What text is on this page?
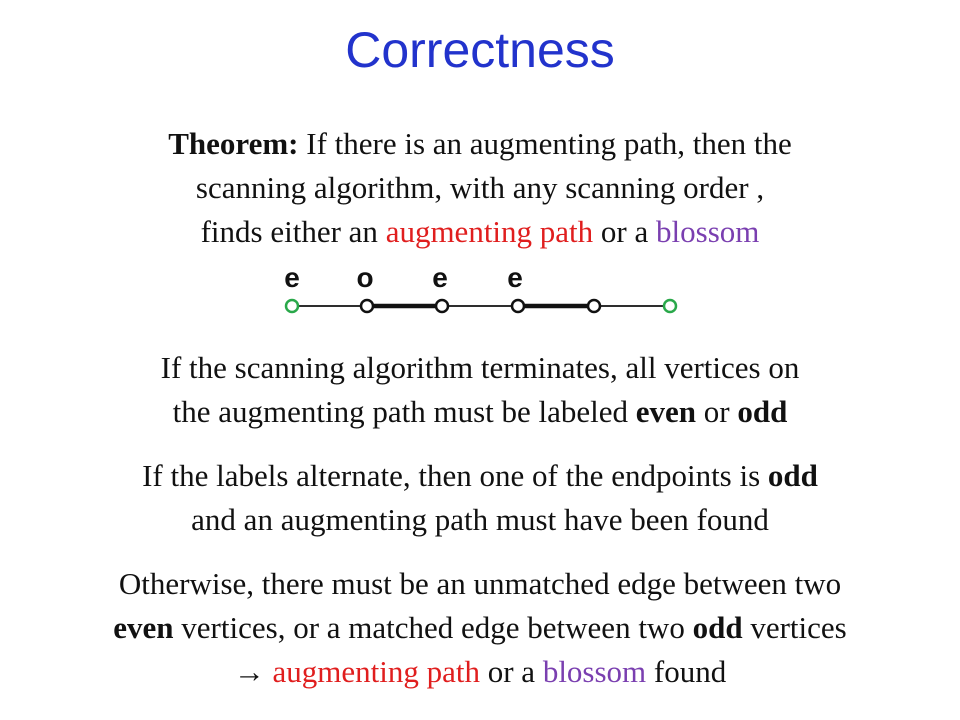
Correctness
Theorem: If there is an augmenting path, then the
scanning algorithm, with any scanning order ,
finds either an augmenting path or a blossom
e o e e
If the scanning algorithm terminates, all vertices on
the augmenting path must be labeled even or odd
If the labels alternate, then one of the endpoints is odd
and an augmenting path must have been found
Otherwise, there must be an unmatched edge between two
even vertices, or a matched edge between two odd vertices
→ augmenting path or a blossom found
